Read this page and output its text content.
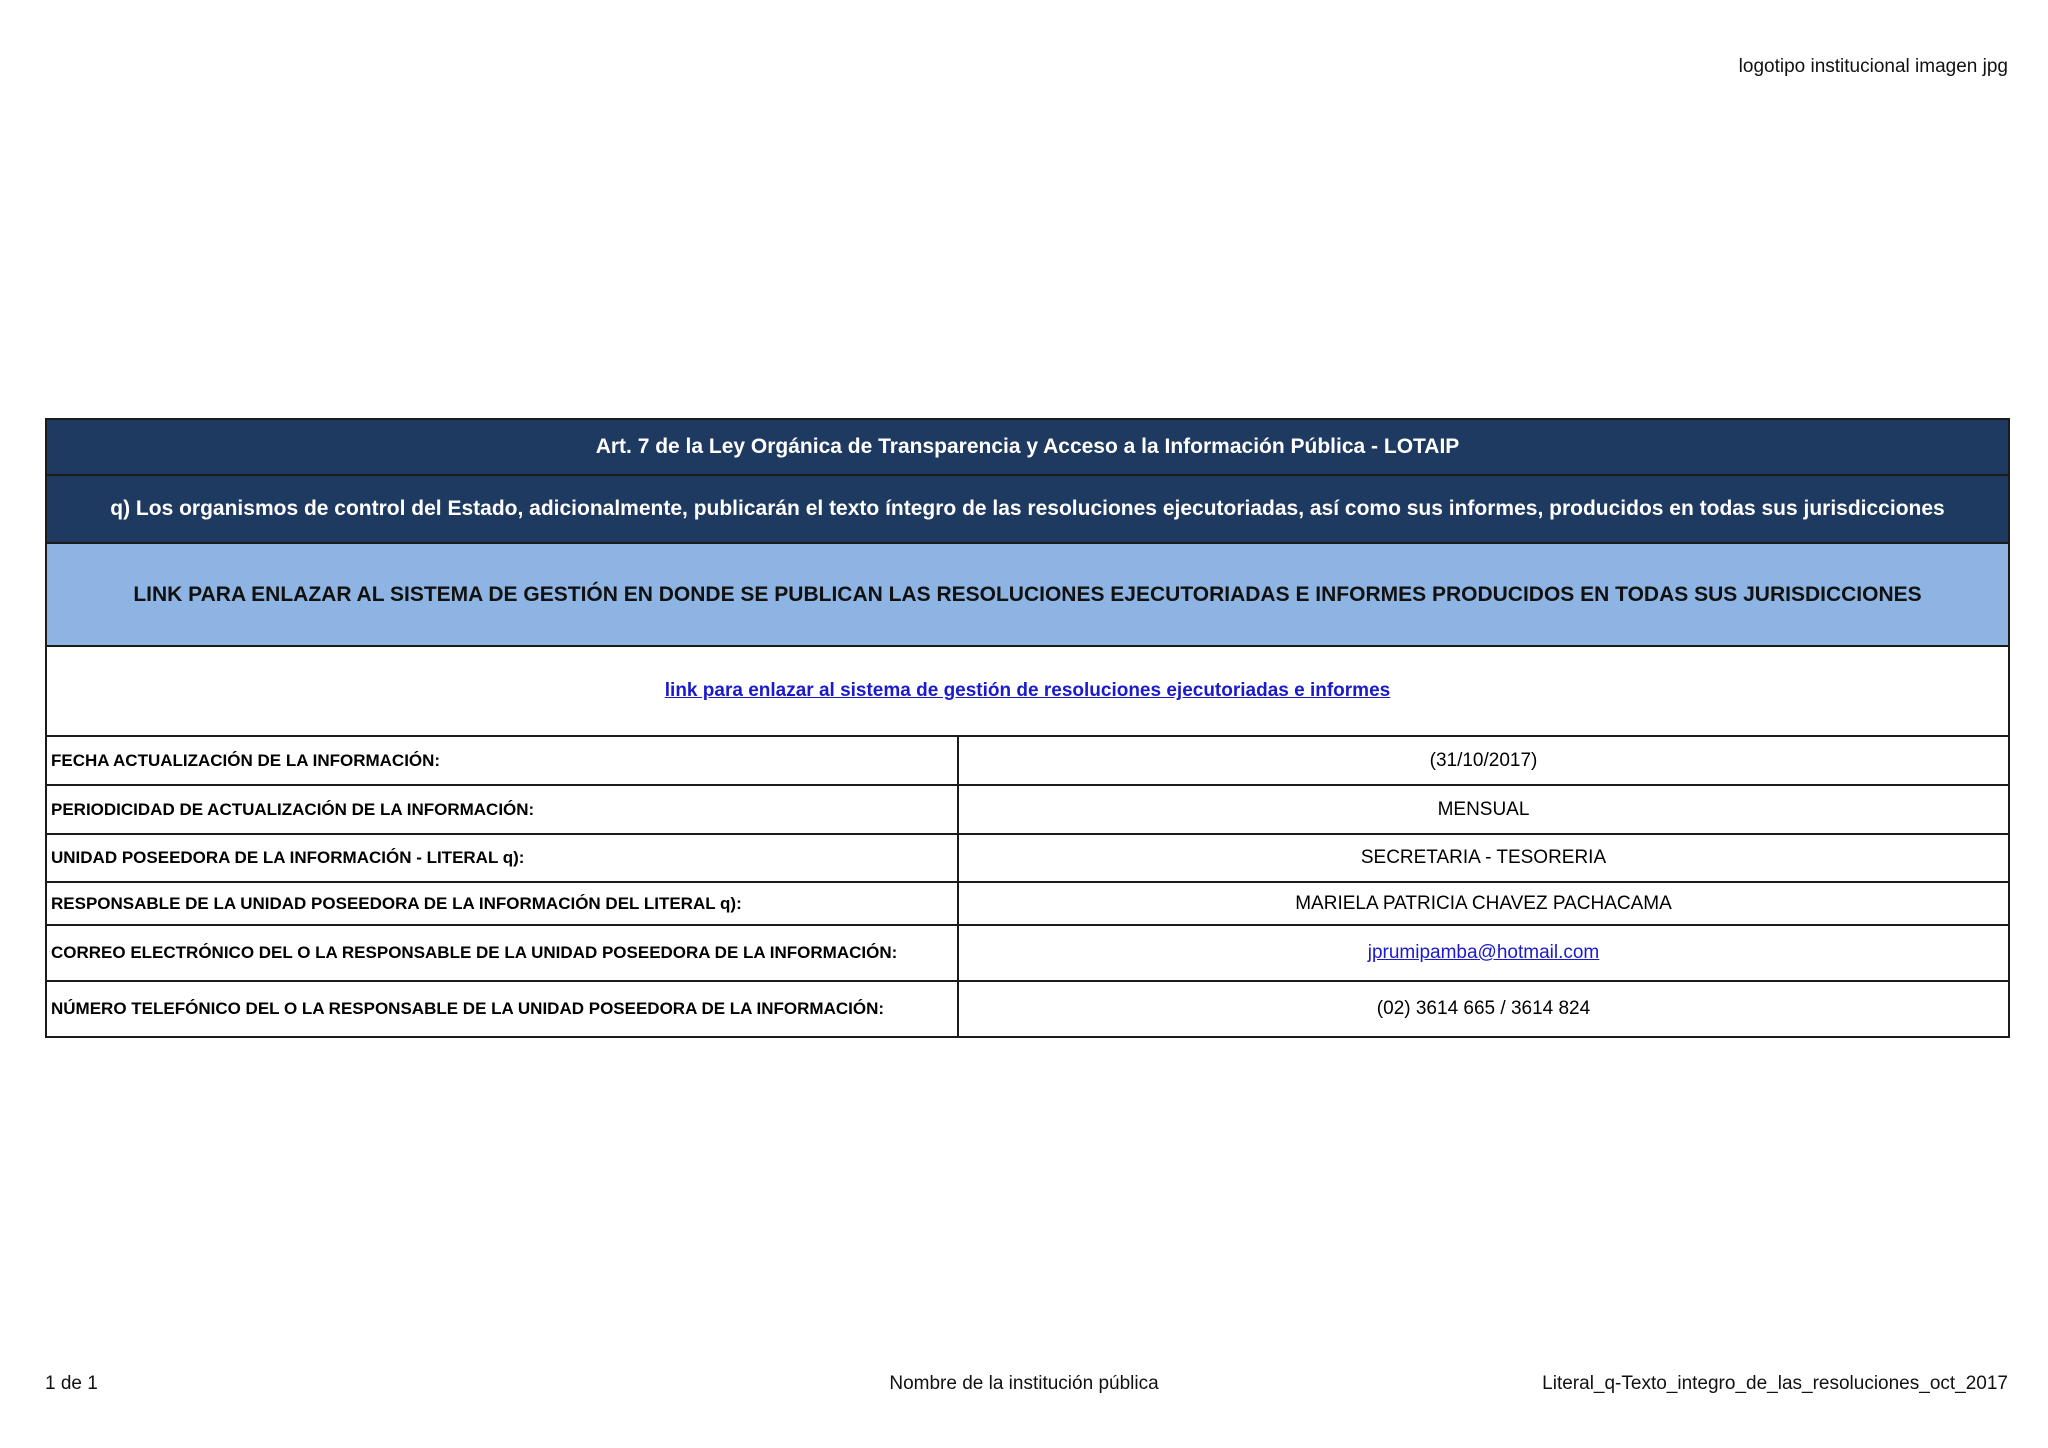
logotipo institucional imagen jpg
Art. 7 de la Ley Orgánica de Transparencia y Acceso a la Información Pública - LOTAIP	
q) Los organismos de control del Estado, adicionalmente, publicarán el texto íntegro de las resoluciones ejecutoriadas, así como sus informes, producidos en todas sus jurisdicciones	
LINK PARA ENLAZAR AL SISTEMA DE GESTIÓN EN DONDE SE PUBLICAN LAS RESOLUCIONES EJECUTORIADAS E INFORMES PRODUCIDOS EN TODAS SUS JURISDICCIONES	
link para enlazar al sistema de gestión de resoluciones ejecutoriadas e informes	
FECHA ACTUALIZACIÓN DE LA INFORMACIÓN:	(31/10/2017)
PERIODICIDAD DE ACTUALIZACIÓN DE LA INFORMACIÓN:	MENSUAL
UNIDAD POSEEDORA DE LA INFORMACIÓN - LITERAL q):	SECRETARIA - TESORERIA
RESPONSABLE DE LA UNIDAD POSEEDORA DE LA INFORMACIÓN DEL LITERAL q):	MARIELA PATRICIA CHAVEZ PACHACAMA
CORREO ELECTRÓNICO DEL O LA RESPONSABLE DE LA UNIDAD POSEEDORA DE LA INFORMACIÓN:	jprumipamba@hotmail.com
NÚMERO TELEFÓNICO DEL O LA RESPONSABLE DE LA UNIDAD POSEEDORA DE LA INFORMACIÓN:	(02) 3614 665 / 3614 824
1 de 1	Nombre de la institución pública	Literal_q-Texto_integro_de_las_resoluciones_oct_2017
